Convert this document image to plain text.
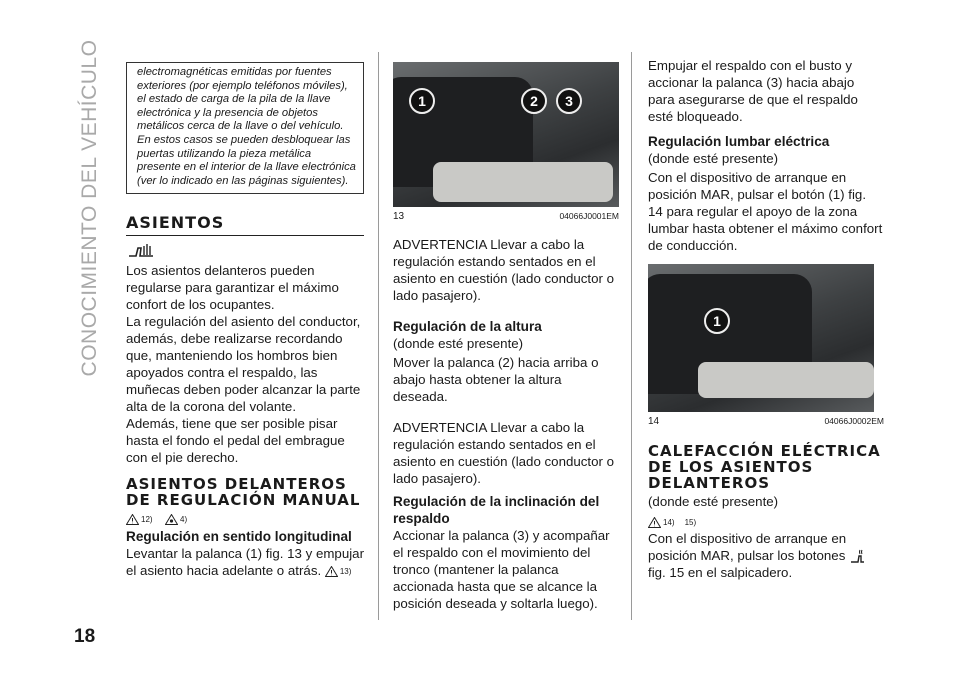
CONOCIMIENTO DEL VEHÍCULO	electromagnéticas emitidas por fuentes exteriores (por ejemplo teléfonos móviles), el estado de carga de la pila de la llave electrónica y la presencia de objetos metálicos cerca de la llave o del vehículo. En estos casos se pueden desbloquear las puertas utilizando la pieza metálica presente en el interior de la llave electrónica (ver lo indicado en las páginas siguientes).
ASIENTOS

Los asientos delanteros pueden regularse para garantizar el máximo confort de los ocupantes.

La regulación del asiento del conductor, además, debe realizarse recordando que, manteniendo los hombros bien apoyados contra el respaldo, las muñecas deben poder alcanzar la parte alta de la corona del volante.

Además, tiene que ser posible pisar hasta el fondo el pedal del embrague con el pie derecho.

ASIENTOS DELANTEROS DE REGULACIÓN MANUAL
12)	4)

Regulación en sentido longitudinal

Levantar la palanca (1) fig. 13 y empujar el asiento hacia adelante o atrás. 13)

1	2	3
13	04066J0001EM

ADVERTENCIA Llevar a cabo la regulación estando sentados en el asiento en cuestión (lado conductor o lado pasajero).

Regulación de la altura

(donde esté presente)

Mover la palanca (2) hacia arriba o abajo hasta obtener la altura deseada.

ADVERTENCIA Llevar a cabo la regulación estando sentados en el asiento en cuestión (lado conductor o lado pasajero).

Regulación de la inclinación del respaldo

Accionar la palanca (3) y acompañar el respaldo con el movimiento del tronco (mantener la palanca accionada hasta que se alcance la posición deseada y soltarla luego).

Empujar el respaldo con el busto y accionar la palanca (3) hacia abajo para asegurarse de que el respaldo esté bloqueado.

Regulación lumbar eléctrica

(donde esté presente)

Con el dispositivo de arranque en posición MAR, pulsar el botón (1) fig. 14 para regular el apoyo de la zona lumbar hasta obtener el máximo confort de conducción.

1
14	04066J0002EM
CALEFACCIÓN ELÉCTRICA DE LOS ASIENTOS DELANTEROS

(donde esté presente)

14) 15)

Con el dispositivo de arranque en posición MAR, pulsar los botones  fig. 15 en el salpicadero.

18
